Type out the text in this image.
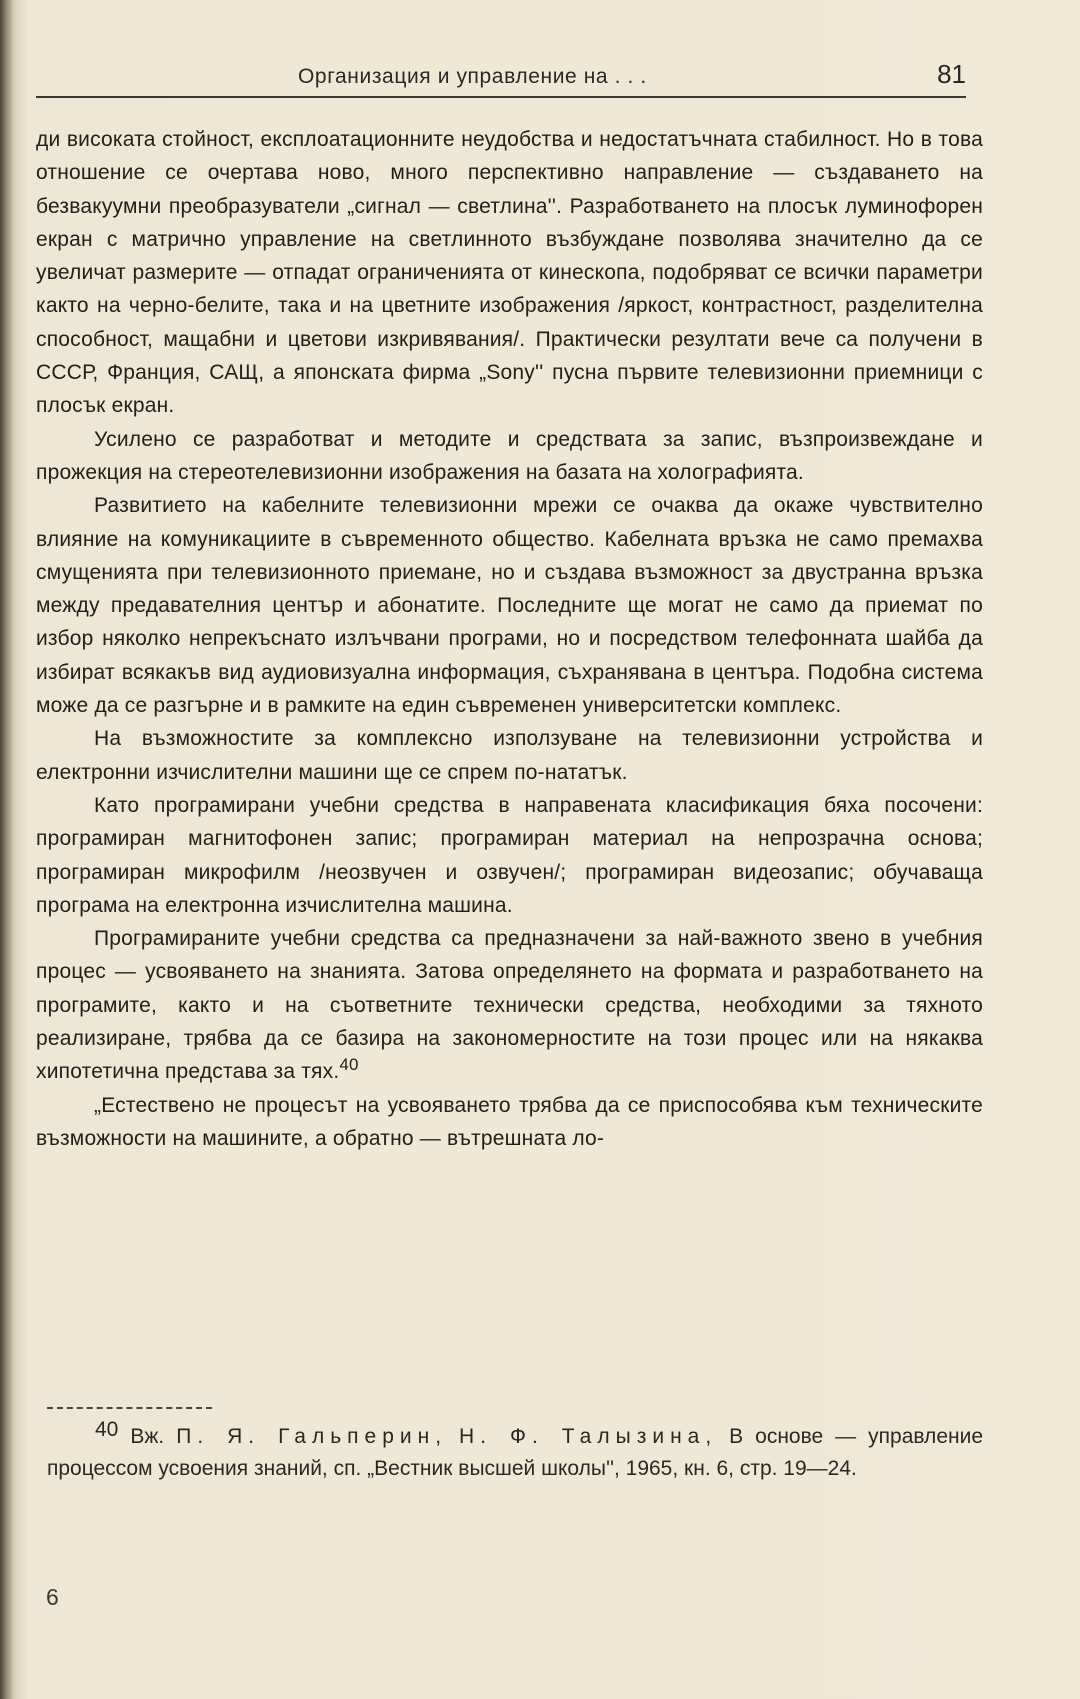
Организация и управление на . . .	81

ди високата стойност, експлоатационните неудобства и недостатъчната стабилност. Но в това отношение се очертава ново, много перспективно направление — създаването на безвакуумни преобразуватели „сигнал — светлина''. Разработването на плосък луминофорен екран с матрично управление на светлинното възбуждане позволява значително да се увеличат размерите — отпадат ограниченията от кинескопа, подобряват се всички параметри както на черно-белите, така и на цветните изображения /яркост, контрастност, разделителна способност, мащабни и цветови изкривявания/. Практически резултати вече са получени в СССР, Франция, САЩ, а японската фирма „Sony'' пусна първите телевизионни приемници с плосък екран.

Усилено се разработват и методите и средствата за запис, възпроизвеждане и прожекция на стереотелевизионни изображения на базата на холографията.

Развитието на кабелните телевизионни мрежи се очаква да окаже чувствително влияние на комуникациите в съвременното общество. Кабелната връзка не само премахва смущенията при телевизионното приемане, но и създава възможност за двустранна връзка между предавателния център и абонатите. Последните ще могат не само да приемат по избор няколко непрекъснато излъчвани програми, но и посредством телефонната шайба да избират всякакъв вид аудиовизуална информация, съхранявана в центъра. Подобна система може да се разгърне и в рамките на един съвременен университетски комплекс.

На възможностите за комплексно използуване на телевизионни устройства и електронни изчислителни машини ще се спрем по-нататък.

Като програмирани учебни средства в направената класификация бяха посочени: програмиран магнитофонен запис; програмиран материал на непрозрачна основа; програмиран микрофилм /неозвучен и озвучен/; програмиран видеозапис; обучаваща програма на електронна изчислителна машина.

Програмираните учебни средства са предназначени за най-важното звено в учебния процес — усвояването на знанията. Затова определянето на формата и разработването на програмите, както и на съответните технически средства, необходими за тяхното реализиране, трябва да се базира на закономерностите на този процес или на някаква хипотетична представа за тях.$^{40}$

„Естествено не процесът на усвояването трябва да се приспособява към техническите възможности на машините, а обратно — вътрешната ло-

40 Вж. П. Я. Гальперин, Н. Ф. Талызина, В основе — управление процессом усвоения знаний, сп. „Вестник высшей школы'', 1965, кн. 6, стр. 19—24.
6
